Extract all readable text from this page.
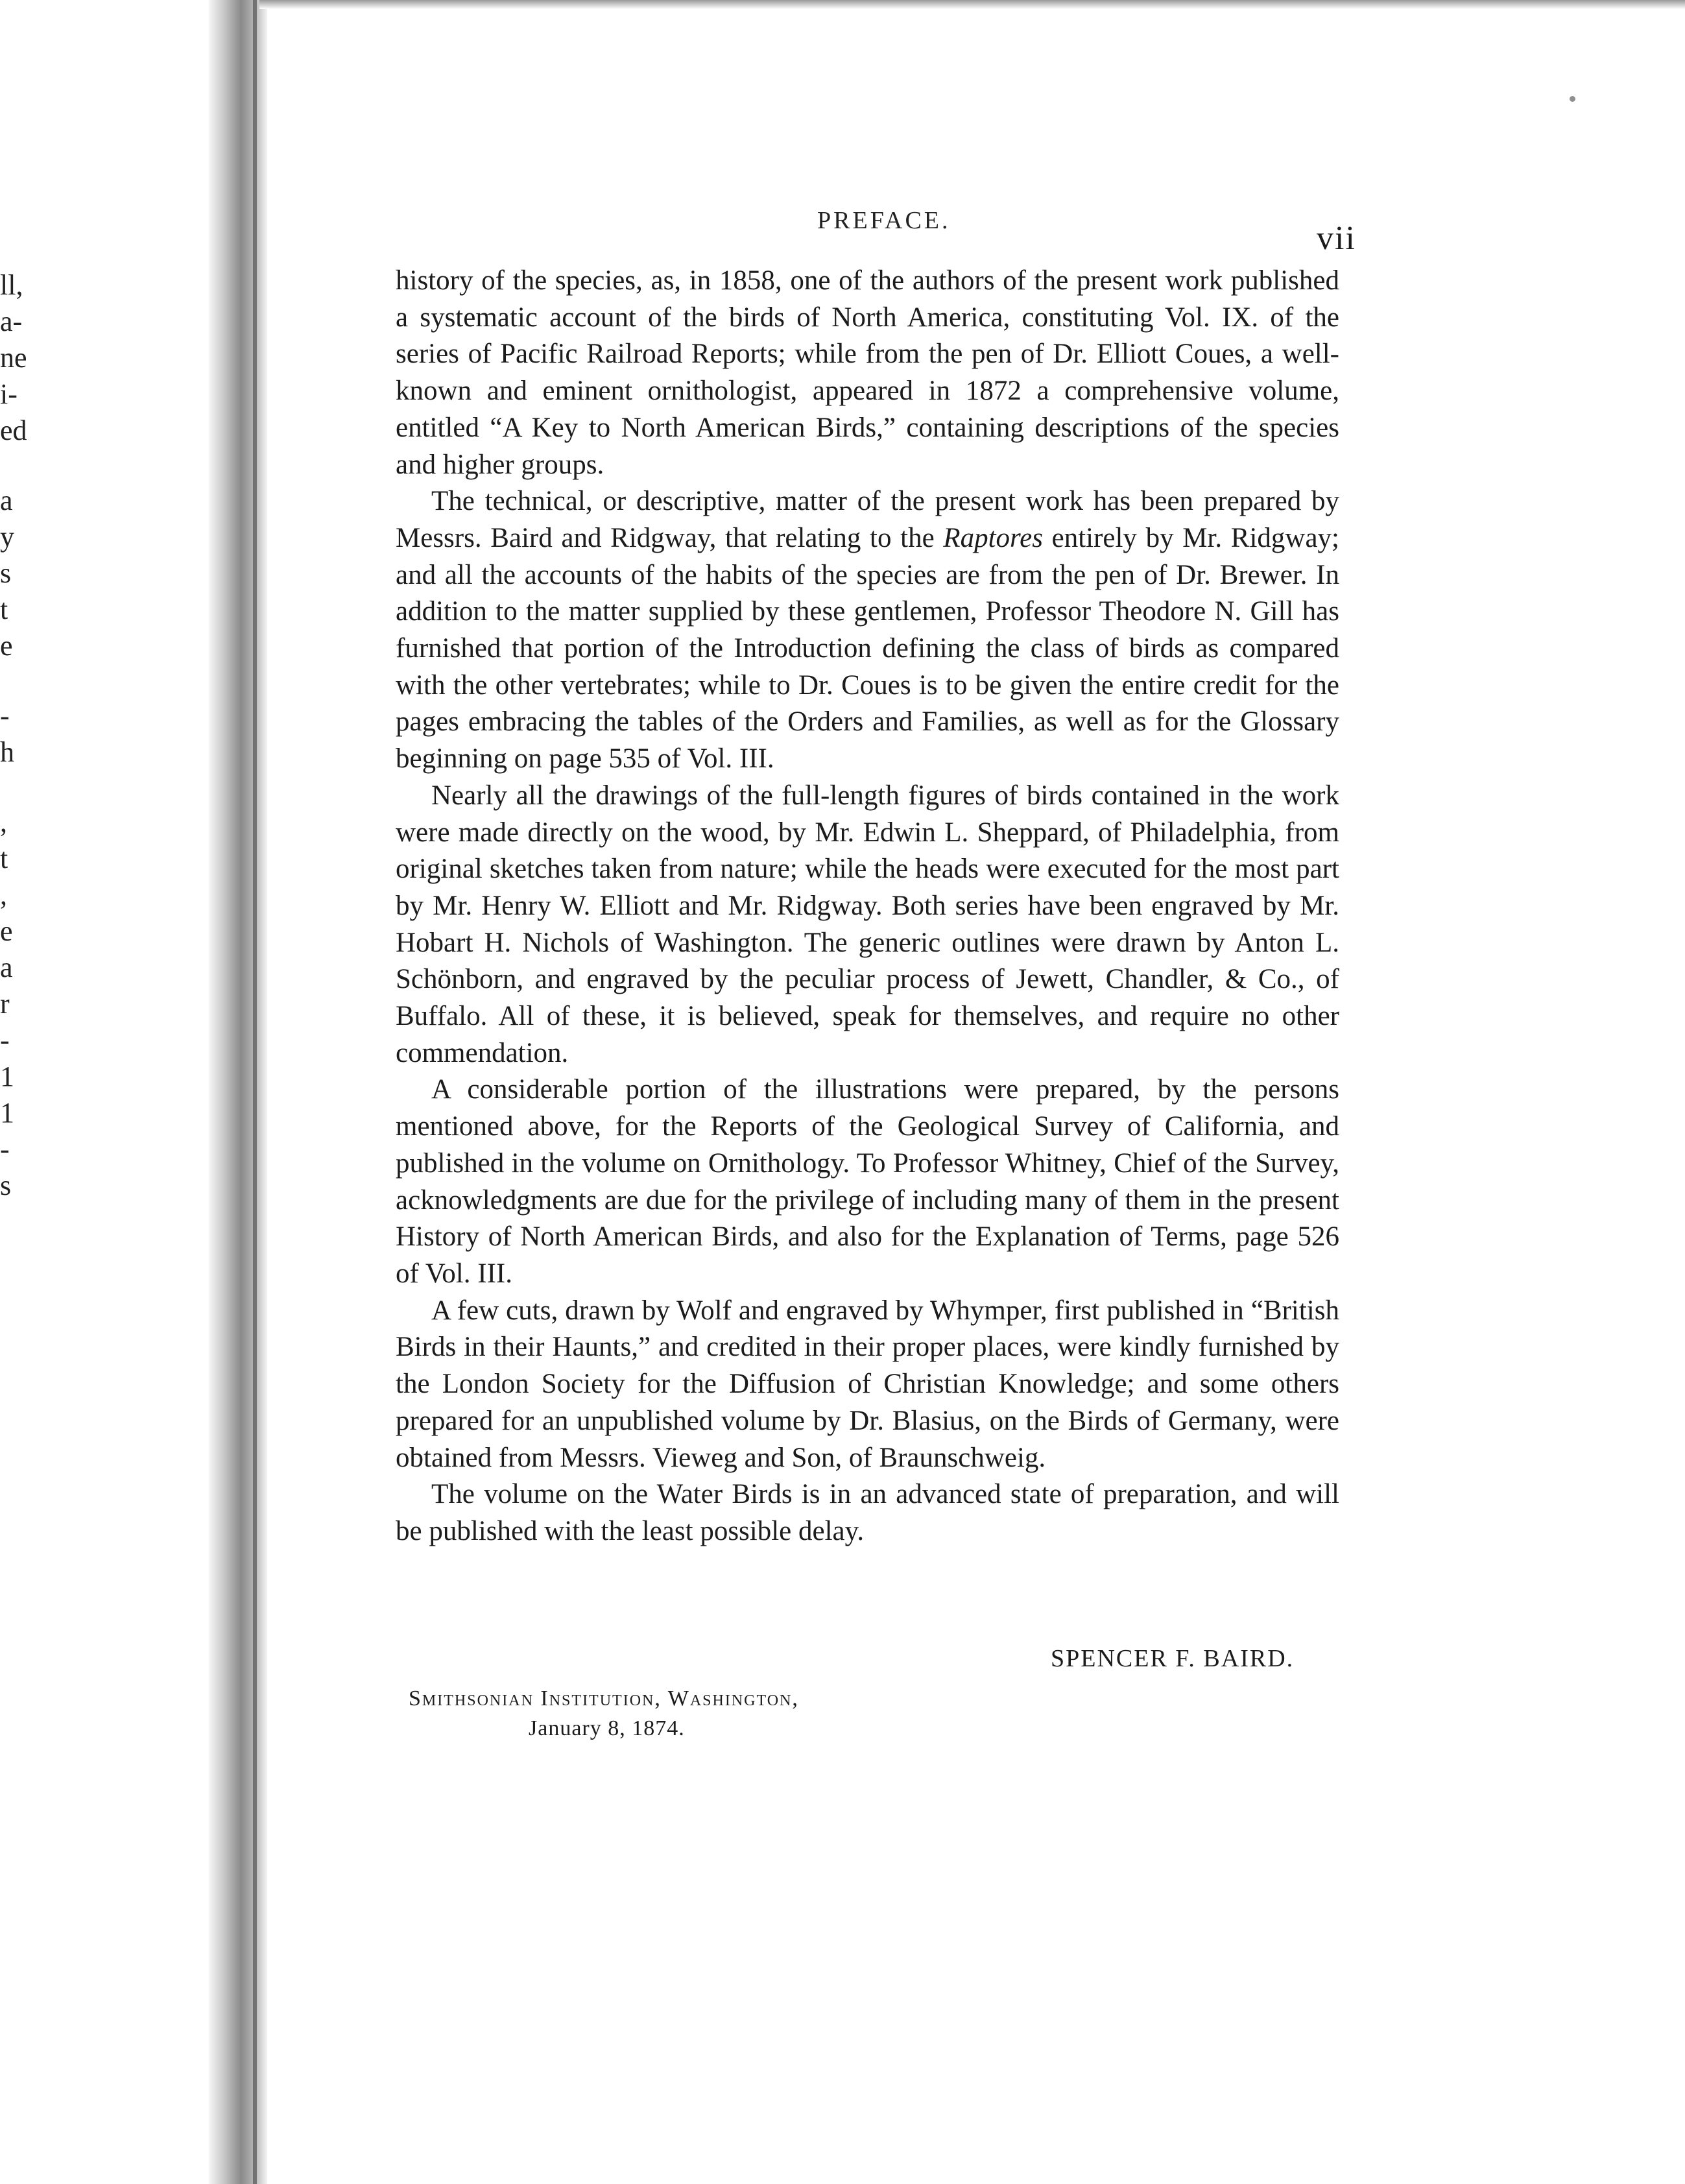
ll,
a-
ne
i-
ed
a
y
s
t
e
-
h
,
t
,
e
a
r
-
1
1
-
s
PREFACE.	vii

history of the species, as, in 1858, one of the authors of the present work published a systematic account of the birds of North America, constituting Vol. IX. of the series of Pacific Railroad Reports; while from the pen of Dr. Elliott Coues, a well-known and eminent ornithologist, appeared in 1872 a comprehensive volume, entitled “A Key to North American Birds,” containing descriptions of the species and higher groups.

The technical, or descriptive, matter of the present work has been prepared by Messrs. Baird and Ridgway, that relating to the Raptores entirely by Mr. Ridgway; and all the accounts of the habits of the species are from the pen of Dr. Brewer. In addition to the matter supplied by these gentlemen, Professor Theodore N. Gill has furnished that portion of the Introduction defining the class of birds as compared with the other vertebrates; while to Dr. Coues is to be given the entire credit for the pages embracing the tables of the Orders and Families, as well as for the Glossary beginning on page 535 of Vol. III.

Nearly all the drawings of the full-length figures of birds contained in the work were made directly on the wood, by Mr. Edwin L. Sheppard, of Philadelphia, from original sketches taken from nature; while the heads were executed for the most part by Mr. Henry W. Elliott and Mr. Ridgway. Both series have been engraved by Mr. Hobart H. Nichols of Washington. The generic outlines were drawn by Anton L. Schönborn, and engraved by the peculiar process of Jewett, Chandler, & Co., of Buffalo. All of these, it is believed, speak for themselves, and require no other commendation.

A considerable portion of the illustrations were prepared, by the persons mentioned above, for the Reports of the Geological Survey of California, and published in the volume on Ornithology. To Professor Whitney, Chief of the Survey, acknowledgments are due for the privilege of including many of them in the present History of North American Birds, and also for the Explanation of Terms, page 526 of Vol. III.

A few cuts, drawn by Wolf and engraved by Whymper, first published in “British Birds in their Haunts,” and credited in their proper places, were kindly furnished by the London Society for the Diffusion of Christian Knowledge; and some others prepared for an unpublished volume by Dr. Blasius, on the Birds of Germany, were obtained from Messrs. Vieweg and Son, of Braunschweig.

The volume on the Water Birds is in an advanced state of preparation, and will be published with the least possible delay.

SPENCER F. BAIRD.
Smithsonian Institution, Washington,
January 8, 1874.
